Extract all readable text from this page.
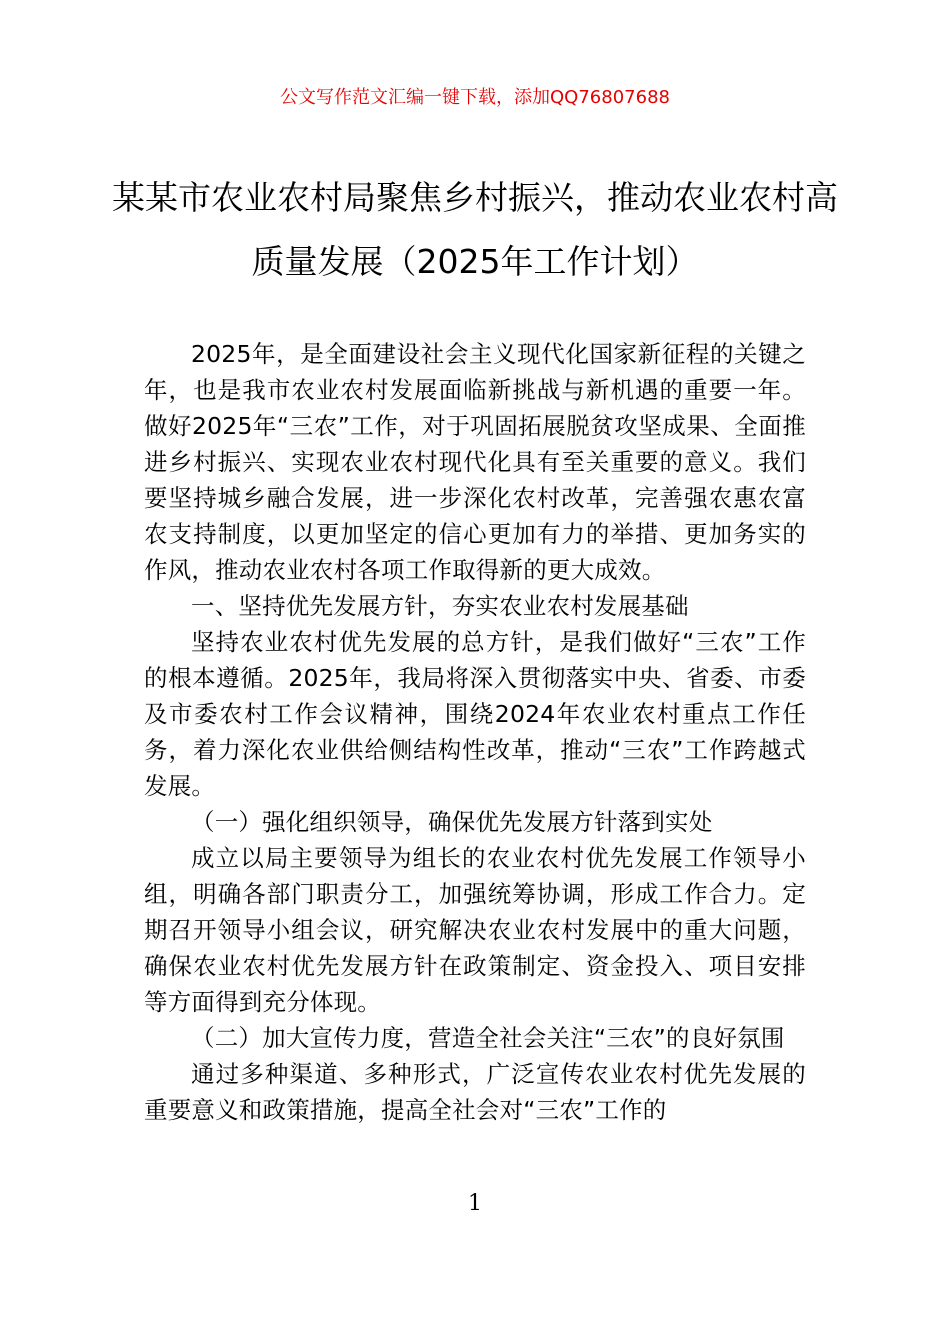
公文写作范文汇编一键下载，添加QQ76807688
某某市农业农村局聚焦乡村振兴，推动农业农村高质量发展（2025年工作计划）

2025年，是全面建设社会主义现代化国家新征程的关键之年，也是我市农业农村发展面临新挑战与新机遇的重要一年。做好2025年“三农”工作，对于巩固拓展脱贫攻坚成果、全面推进乡村振兴、实现农业农村现代化具有至关重要的意义。我们要坚持城乡融合发展，进一步深化农村改革，完善强农惠农富农支持制度，以更加坚定的信心更加有力的举措、更加务实的作风，推动农业农村各项工作取得新的更大成效。

一、坚持优先发展方针，夯实农业农村发展基础

坚持农业农村优先发展的总方针，是我们做好“三农”工作的根本遵循。2025年，我局将深入贯彻落实中央、省委、市委及市委农村工作会议精神，围绕2024年农业农村重点工作任务，着力深化农业供给侧结构性改革，推动“三农”工作跨越式发展。

（一）强化组织领导，确保优先发展方针落到实处

成立以局主要领导为组长的农业农村优先发展工作领导小组，明确各部门职责分工，加强统筹协调，形成工作合力。定期召开领导小组会议，研究解决农业农村发展中的重大问题，确保农业农村优先发展方针在政策制定、资金投入、项目安排等方面得到充分体现。

（二）加大宣传力度，营造全社会关注“三农”的良好氛围

通过多种渠道、多种形式，广泛宣传农业农村优先发展的重要意义和政策措施，提高全社会对“三农”工作的

1
